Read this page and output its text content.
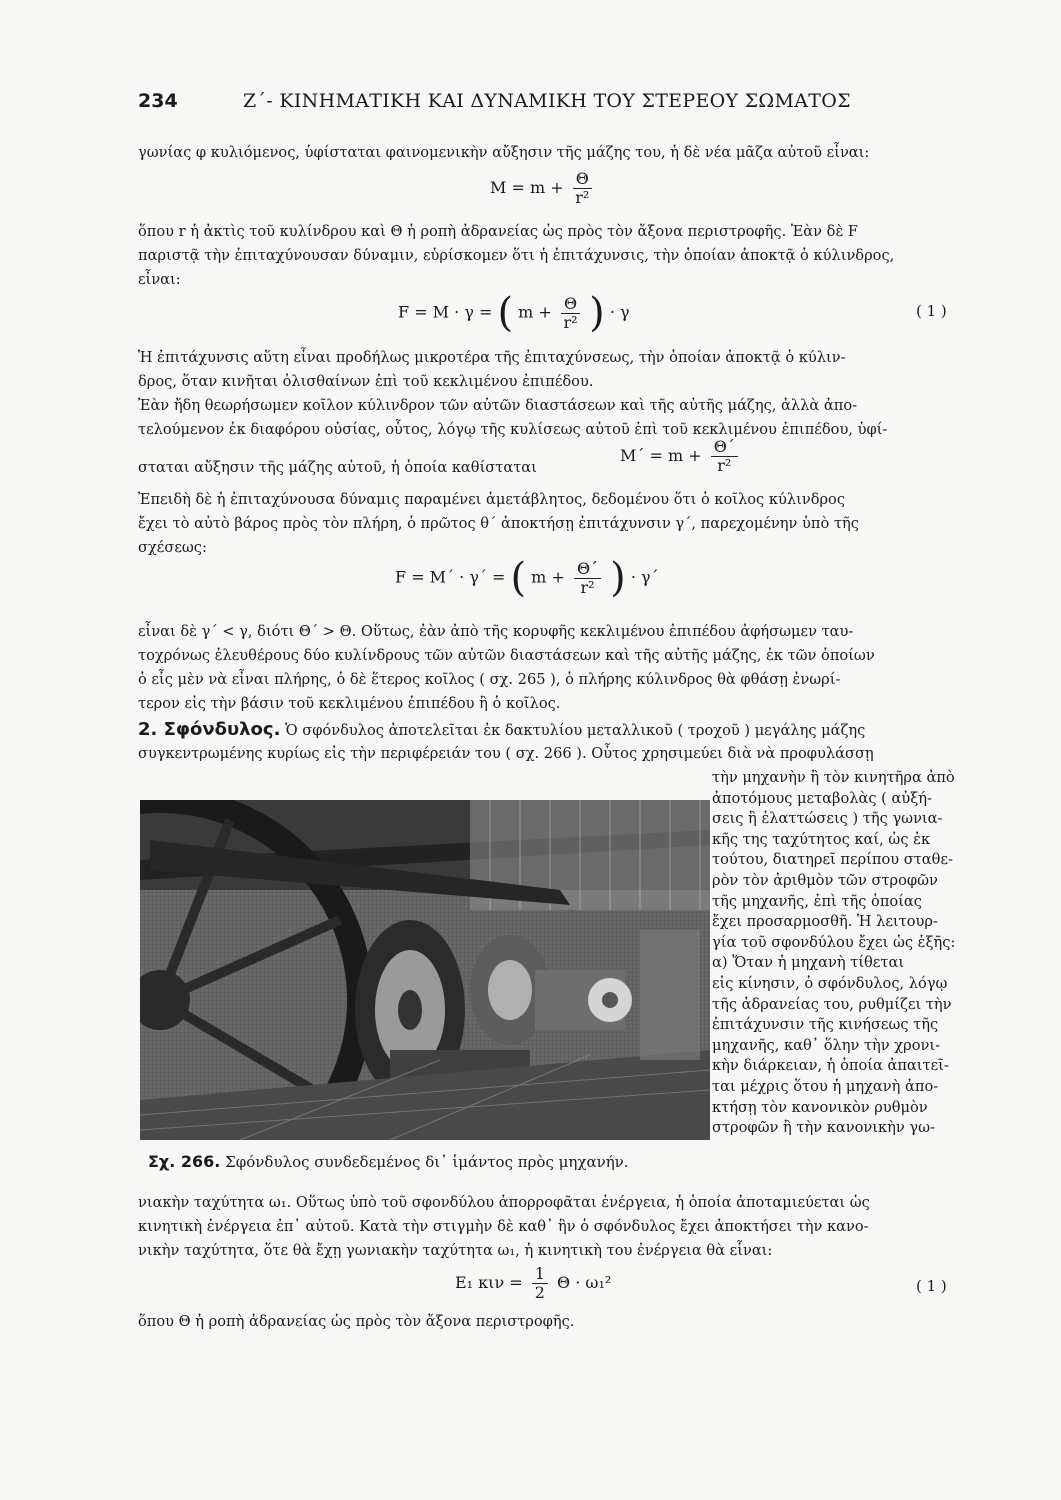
234	Ζ΄- ΚΙΝΗΜΑΤΙΚΗ ΚΑΙ ΔΥΝΑΜΙΚΗ ΤΟΥ ΣΤΕΡΕΟΥ ΣΩΜΑΤΟΣ
γωνίας φ κυλιόμενος, ὑφίσταται φαινομενικὴν αὔξησιν τῆς μάζης του, ἡ δὲ νέα μᾶζα αὐτοῦ εἶναι:
$M = m + \frac{\Theta}{\text{r²}}$
ὅπου r ἡ ἀκτὶς τοῦ κυλίνδρου καὶ Θ ἡ ροπὴ ἀδρανείας ὡς πρὸς τὸν ἄξονα περιστροφῆς. Ἐὰν δὲ F
παριστᾷ τὴν ἐπιταχύνουσαν δύναμιν, εὑρίσκομεν ὅτι ἡ ἐπιτάχυνσις, τὴν ὁποίαν ἀποκτᾷ ὁ κύλινδρος,
εἶναι:
F = M · γ = ( $m + \frac{\Theta}{\text{r²}}$ ) · γ	( 1 )
Ἡ ἐπιτάχυνσις αὕτη εἶναι προδήλως μικροτέρα τῆς ἐπιταχύνσεως, τὴν ὁποίαν ἀποκτᾷ ὁ κύλιν-
δρος, ὅταν κινῆται ὀλισθαίνων ἐπὶ τοῦ κεκλιμένου ἐπιπέδου.
Ἐὰν ἤδη θεωρήσωμεν κοῖλον κύλινδρον τῶν αὐτῶν διαστάσεων καὶ τῆς αὐτῆς μάζης, ἀλλὰ ἀπο-
τελούμενον ἐκ διαφόρου οὐσίας, οὗτος, λόγῳ τῆς κυλίσεως αὐτοῦ ἐπὶ τοῦ κεκλιμένου ἐπιπέδου, ὑφί-
σταται αὔξησιν τῆς μάζης αὐτοῦ, ἡ ὁποία καθίσταται
$M΄ = m + \frac{\Theta΄}{\text{r²}}$
Ἐπειδὴ δὲ ἡ ἐπιταχύνουσα δύναμις παραμένει ἀμετάβλητος, δεδομένου ὅτι ὁ κοῖλος κύλινδρος
ἔχει τὸ αὐτὸ βάρος πρὸς τὸν πλήρη, ὁ πρῶτος θ΄ ἀποκτήσῃ ἐπιτάχυνσιν γ΄, παρεχομένην ὑπὸ τῆς
σχέσεως:
F = M΄ · γ΄ = ( $m + \frac{\Theta΄}{\text{r²}}$ ) · γ΄
εἶναι δὲ γ΄ < γ, διότι Θ΄ > Θ. Οὕτως, ἐὰν ἀπὸ τῆς κορυφῆς κεκλιμένου ἐπιπέδου ἀφήσωμεν ταυ-
τοχρόνως ἐλευθέρους δύο κυλίνδρους τῶν αὐτῶν διαστάσεων καὶ τῆς αὐτῆς μάζης, ἐκ τῶν ὁποίων
ὁ εἷς μὲν νὰ εἶναι πλήρης, ὁ δὲ ἕτερος κοῖλος ( σχ. 265 ), ὁ πλήρης κύλινδρος θὰ φθάσῃ ἐνωρί-
τερον εἰς τὴν βάσιν τοῦ κεκλιμένου ἐπιπέδου ἢ ὁ κοῖλος.
2. Σφόνδυλος. Ὁ σφόνδυλος ἀποτελεῖται ἐκ δακτυλίου μεταλλικοῦ ( τροχοῦ ) μεγάλης μάζης
συγκεντρωμένης κυρίως εἰς τὴν περιφέρειάν του ( σχ. 266 ). Οὗτος χρησιμεύει διὰ νὰ προφυλάσσῃ
Σχ. 266. Σφόνδυλος συνδεδεμένος δι᾿ ἱμάντος πρὸς μηχανήν.
τὴν μηχανὴν ἢ τὸν κινητῆρα ἀπὸ
ἀποτόμους μεταβολὰς ( αὐξή-
σεις ἢ ἐλαττώσεις ) τῆς γωνια-
κῆς της ταχύτητος καί, ὡς ἐκ
τούτου, διατηρεῖ περίπου σταθε-
ρὸν τὸν ἀριθμὸν τῶν στροφῶν
τῆς μηχανῆς, ἐπὶ τῆς ὁποίας
ἔχει προσαρμοσθῆ. Ἡ λειτουρ-
γία τοῦ σφονδύλου ἔχει ὡς ἑξῆς:
α) Ὅταν ἡ μηχανὴ τίθεται
εἰς κίνησιν, ὁ σφόνδυλος, λόγῳ
τῆς ἀδρανείας του, ρυθμίζει τὴν
ἐπιτάχυνσιν τῆς κινήσεως τῆς
μηχανῆς, καθ᾿ ὅλην τὴν χρονι-
κὴν διάρκειαν, ἡ ὁποία ἀπαιτεῖ-
ται μέχρις ὅτου ἡ μηχανὴ ἀπο-
κτήσῃ τὸν κανονικὸν ρυθμὸν
στροφῶν ἢ τὴν κανονικὴν γω-
νιακὴν ταχύτητα ω₁. Οὕτως ὑπὸ τοῦ σφονδύλου ἀπορροφᾶται ἐνέργεια, ἡ ὁποία ἀποταμιεύεται ὡς
κινητικὴ ἐνέργεια ἐπ᾿ αὐτοῦ. Κατὰ τὴν στιγμὴν δὲ καθ᾿ ἣν ὁ σφόνδυλος ἔχει ἀποκτήσει τὴν κανο-
νικὴν ταχύτητα, ὅτε θὰ ἔχῃ γωνιακὴν ταχύτητα ω₁, ἡ κινητικὴ του ἐνέργεια θὰ εἶναι:
E₁ $\kappa\iota\nu = \frac{1}{2}$ Θ · ω₁²	( 1 )
ὅπου Θ ἡ ροπὴ ἀδρανείας ὡς πρὸς τὸν ἄξονα περιστροφῆς.
